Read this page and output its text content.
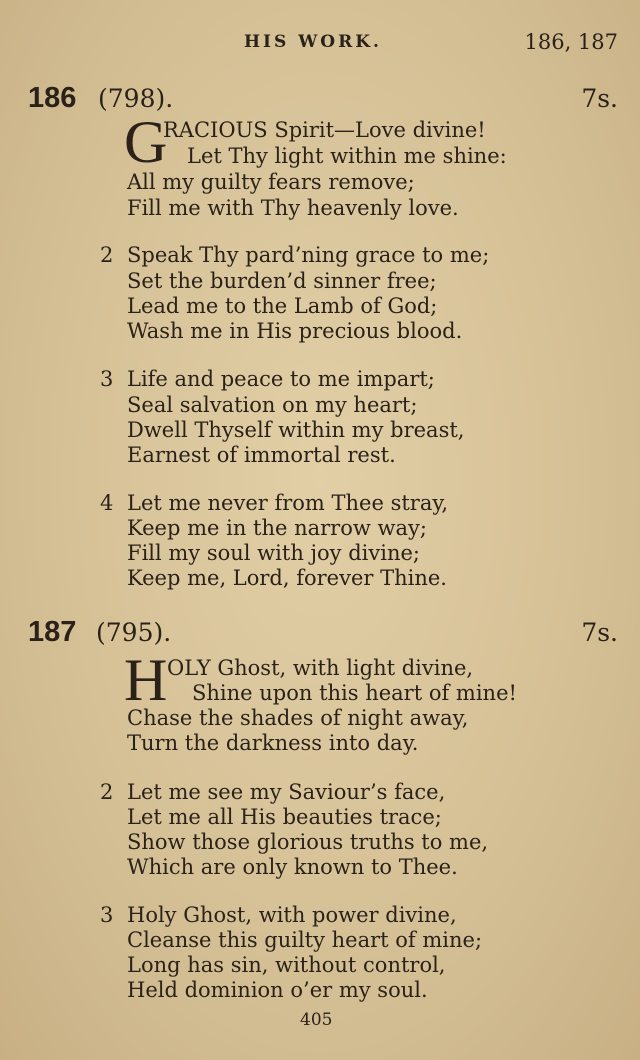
HIS WORK.	186, 187
186 (798).	7s.
G
RACIOUS Spirit—Love divine!
Let Thy light within me shine:
All my guilty fears remove;
Fill me with Thy heavenly love.
2 Speak Thy pard’ning grace to me;
Set the burden’d sinner free;
Lead me to the Lamb of God;
Wash me in His precious blood.
3 Life and peace to me impart;
Seal salvation on my heart;
Dwell Thyself within my breast,
Earnest of immortal rest.
4 Let me never from Thee stray,
Keep me in the narrow way;
Fill my soul with joy divine;
Keep me, Lord, forever Thine.
187 (795).	7s.
H OLY Ghost, with light divine,
Shine upon this heart of mine!
Chase the shades of night away,
Turn the darkness into day.
2 Let me see my Saviour’s face,
Let me all His beauties trace;
Show those glorious truths to me,
Which are only known to Thee.
3 Holy Ghost, with power divine,
Cleanse this guilty heart of mine;
Long has sin, without control,
Held dominion o’er my soul.
405
